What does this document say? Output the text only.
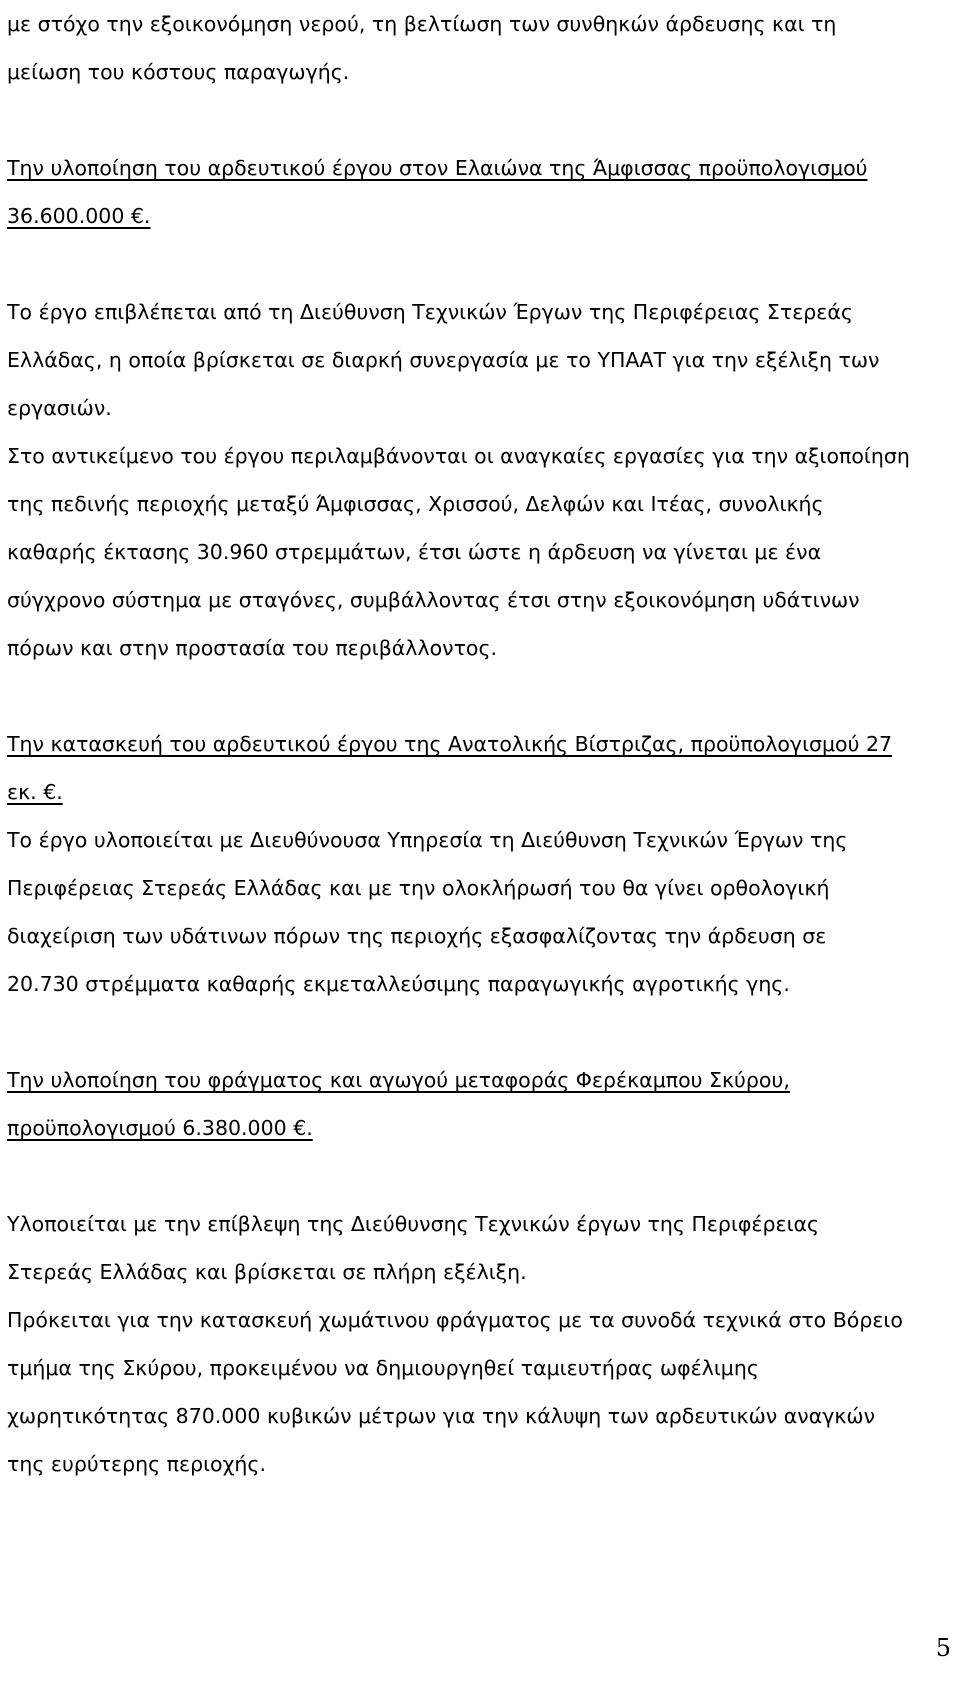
με στόχο την εξοικονόμηση νερού, τη βελτίωση των συνθηκών άρδευσης και τη
μείωση του κόστους παραγωγής.
Την υλοποίηση του αρδευτικού έργου στον Ελαιώνα της Άμφισσας προϋπολογισμού
36.600.000 €.
Το έργο επιβλέπεται από τη Διεύθυνση Τεχνικών Έργων της Περιφέρειας Στερεάς
Ελλάδας, η οποία βρίσκεται σε διαρκή συνεργασία με το ΥΠΑΑΤ για την εξέλιξη των
εργασιών.
Στο αντικείμενο του έργου περιλαμβάνονται οι αναγκαίες εργασίες για την αξιοποίηση
της πεδινής περιοχής μεταξύ Άμφισσας, Χρισσού, Δελφών και Ιτέας, συνολικής
καθαρής έκτασης 30.960 στρεμμάτων, έτσι ώστε η άρδευση να γίνεται με ένα
σύγχρονο σύστημα με σταγόνες, συμβάλλοντας έτσι στην εξοικονόμηση υδάτινων
πόρων και στην προστασία του περιβάλλοντος.
Την κατασκευή του αρδευτικού έργου της Ανατολικής Βίστριζας, προϋπολογισμού 27
εκ. €.
Το έργο υλοποιείται με Διευθύνουσα Υπηρεσία τη Διεύθυνση Τεχνικών Έργων της
Περιφέρειας Στερεάς Ελλάδας και με την ολοκλήρωσή του θα γίνει ορθολογική
διαχείριση των υδάτινων πόρων της περιοχής εξασφαλίζοντας την άρδευση σε
20.730 στρέμματα καθαρής εκμεταλλεύσιμης παραγωγικής αγροτικής γης.
Την υλοποίηση του φράγματος και αγωγού μεταφοράς Φερέκαμπου Σκύρου,
προϋπολογισμού 6.380.000 €.
Υλοποιείται με την επίβλεψη της Διεύθυνσης Τεχνικών έργων της Περιφέρειας
Στερεάς Ελλάδας και βρίσκεται σε πλήρη εξέλιξη.
Πρόκειται για την κατασκευή χωμάτινου φράγματος με τα συνοδά τεχνικά στο Βόρειο
τμήμα της Σκύρου, προκειμένου να δημιουργηθεί ταμιευτήρας ωφέλιμης
χωρητικότητας 870.000 κυβικών μέτρων για την κάλυψη των αρδευτικών αναγκών
της ευρύτερης περιοχής.
5
